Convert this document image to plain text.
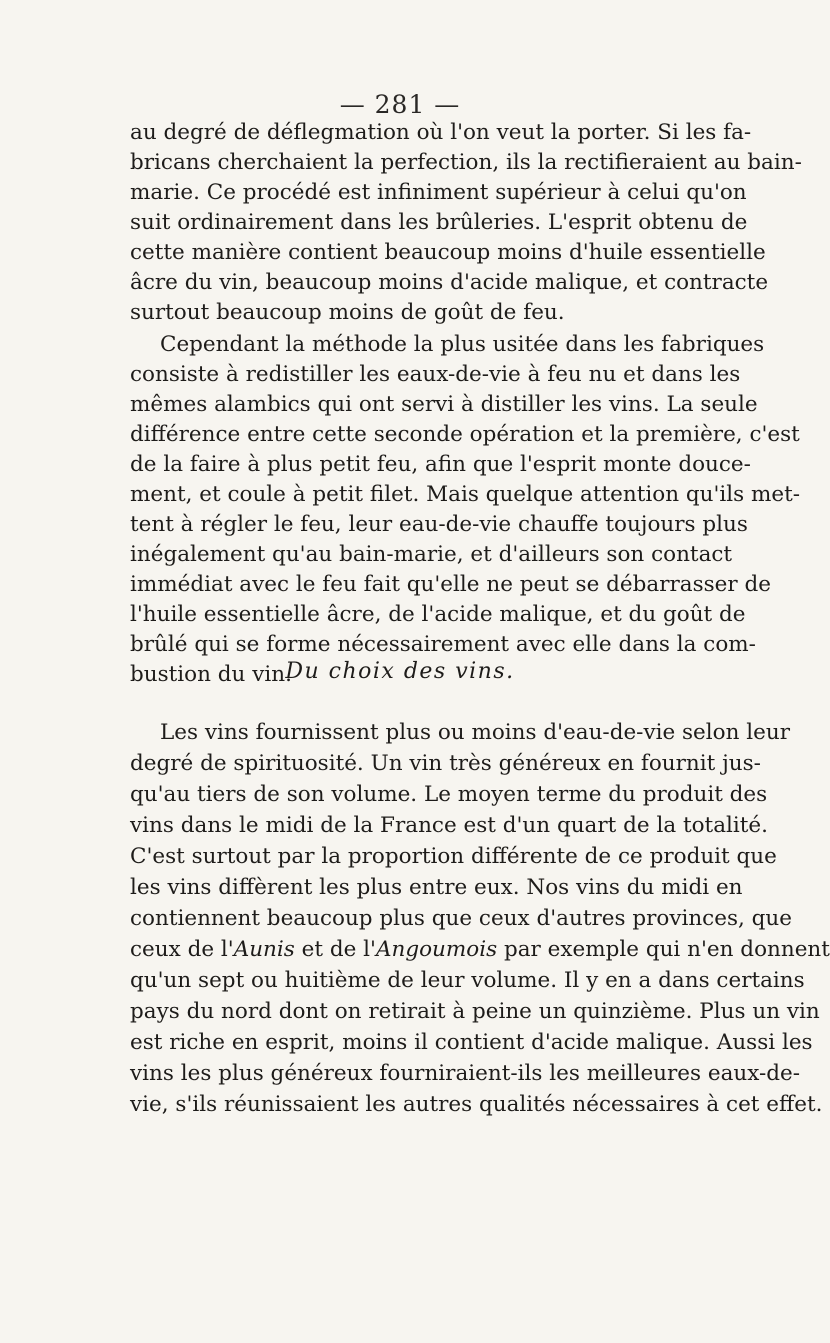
— 281 —
au degré de déflegmation où l'on veut la porter. Si les fa-
bricans cherchaient la perfection, ils la rectifieraient au bain-
marie. Ce procédé est infiniment supérieur à celui qu'on
suit ordinairement dans les brûleries. L'esprit obtenu de
cette manière contient beaucoup moins d'huile essentielle
âcre du vin, beaucoup moins d'acide malique, et contracte
surtout beaucoup moins de goût de feu.
Cependant la méthode la plus usitée dans les fabriques
consiste à redistiller les eaux-de-vie à feu nu et dans les
mêmes alambics qui ont servi à distiller les vins. La seule
différence entre cette seconde opération et la première, c'est
de la faire à plus petit feu, afin que l'esprit monte douce-
ment, et coule à petit filet. Mais quelque attention qu'ils met-
tent à régler le feu, leur eau-de-vie chauffe toujours plus
inégalement qu'au bain-marie, et d'ailleurs son contact
immédiat avec le feu fait qu'elle ne peut se débarrasser de
l'huile essentielle âcre, de l'acide malique, et du goût de
brûlé qui se forme nécessairement avec elle dans la com-
bustion du vin.
Du choix des vins.
Les vins fournissent plus ou moins d'eau-de-vie selon leur
degré de spirituosité. Un vin très généreux en fournit jus-
qu'au tiers de son volume. Le moyen terme du produit des
vins dans le midi de la France est d'un quart de la totalité.
C'est surtout par la proportion différente de ce produit que
les vins diffèrent les plus entre eux. Nos vins du midi en
contiennent beaucoup plus que ceux d'autres provinces, que
ceux de l'Aunis et de l'Angoumois par exemple qui n'en donnent
qu'un sept ou huitième de leur volume. Il y en a dans certains
pays du nord dont on retirait à peine un quinzième. Plus un vin
est riche en esprit, moins il contient d'acide malique. Aussi les
vins les plus généreux fourniraient-ils les meilleures eaux-de-
vie, s'ils réunissaient les autres qualités nécessaires à cet effet.
